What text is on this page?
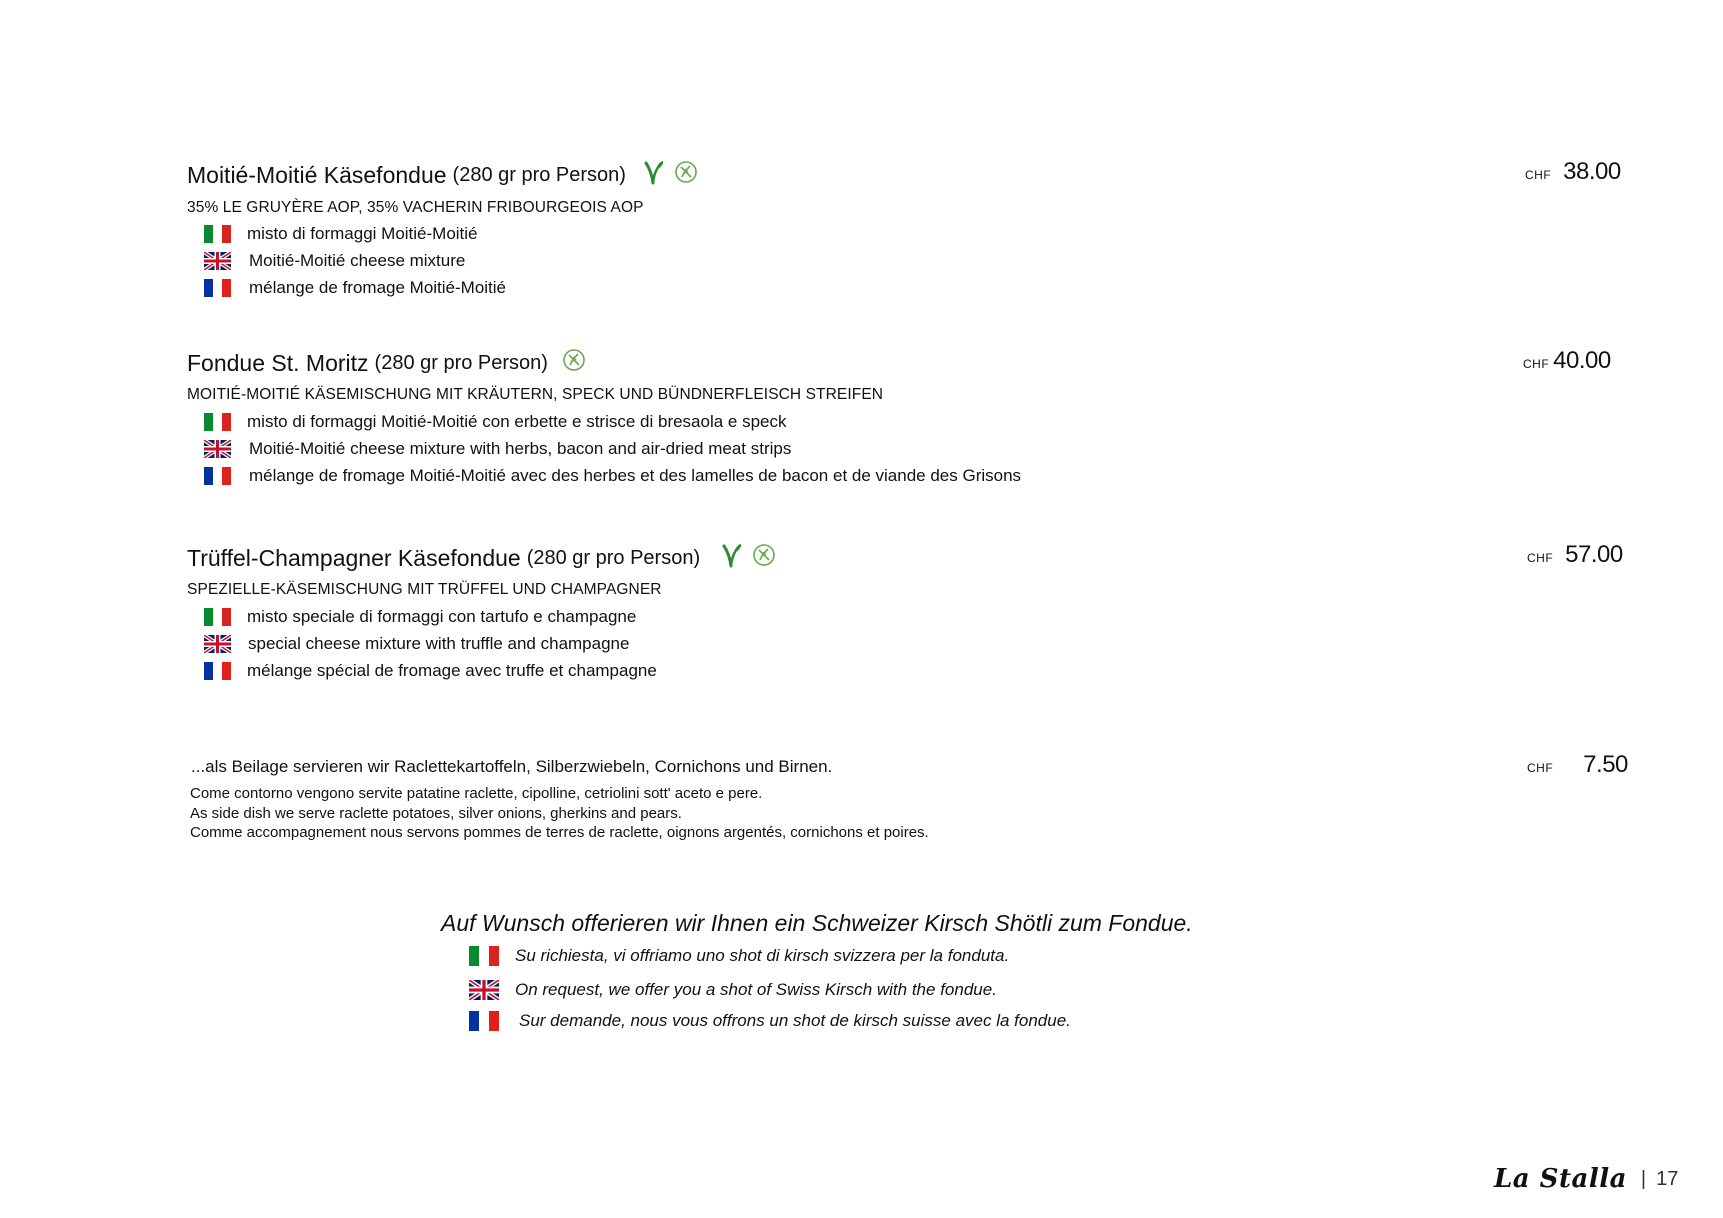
Moitié-Moitié Käsefondue (280 gr pro Person)
35% LE GRUYÈRE AOP, 35% VACHERIN FRIBOURGEOIS AOP
CHF 38.00
misto di formaggi Moitié-Moitié
Moitié-Moitié cheese mixture
mélange de fromage Moitié-Moitié
Fondue St. Moritz (280 gr pro Person)
MOITIÉ-MOITIÉ KÄSEMISCHUNG MIT KRÄUTERN, SPECK UND BÜNDNERFLEISCH STREIFEN
CHF 40.00
misto di formaggi Moitié-Moitié con erbette e strisce di bresaola e speck
Moitié-Moitié cheese mixture with herbs, bacon and air-dried meat strips
mélange de fromage Moitié-Moitié avec des herbes et des lamelles de bacon et de viande des Grisons
Trüffel-Champagner Käsefondue (280 gr pro Person)
SPEZIELLE-KÄSEMISCHUNG MIT TRÜFFEL UND CHAMPAGNER
CHF 57.00
misto speciale di formaggi con tartufo e champagne
special cheese mixture with truffle and champagne
mélange spécial de fromage avec truffe et champagne
...als Beilage servieren wir Raclettekartoffeln, Silberzwiebeln, Cornichons und Birnen.
Come contorno vengono servite patatine raclette, cipolline, cetriolini sott' aceto e pere.
As side dish we serve raclette potatoes, silver onions, gherkins and pears.
Comme accompagnement nous servons pommes de terres de raclette, oignons argentés, cornichons et poires.
CHF 7.50
Auf Wunsch offerieren wir Ihnen ein Schweizer Kirsch Shötli zum Fondue.
Su richiesta, vi offriamo uno shot di kirsch svizzera per la fonduta.
On request, we offer you a shot of Swiss Kirsch with the fondue.
Sur demande, nous vous offrons un shot de kirsch suisse avec la fondue.
La Stalla | 17
